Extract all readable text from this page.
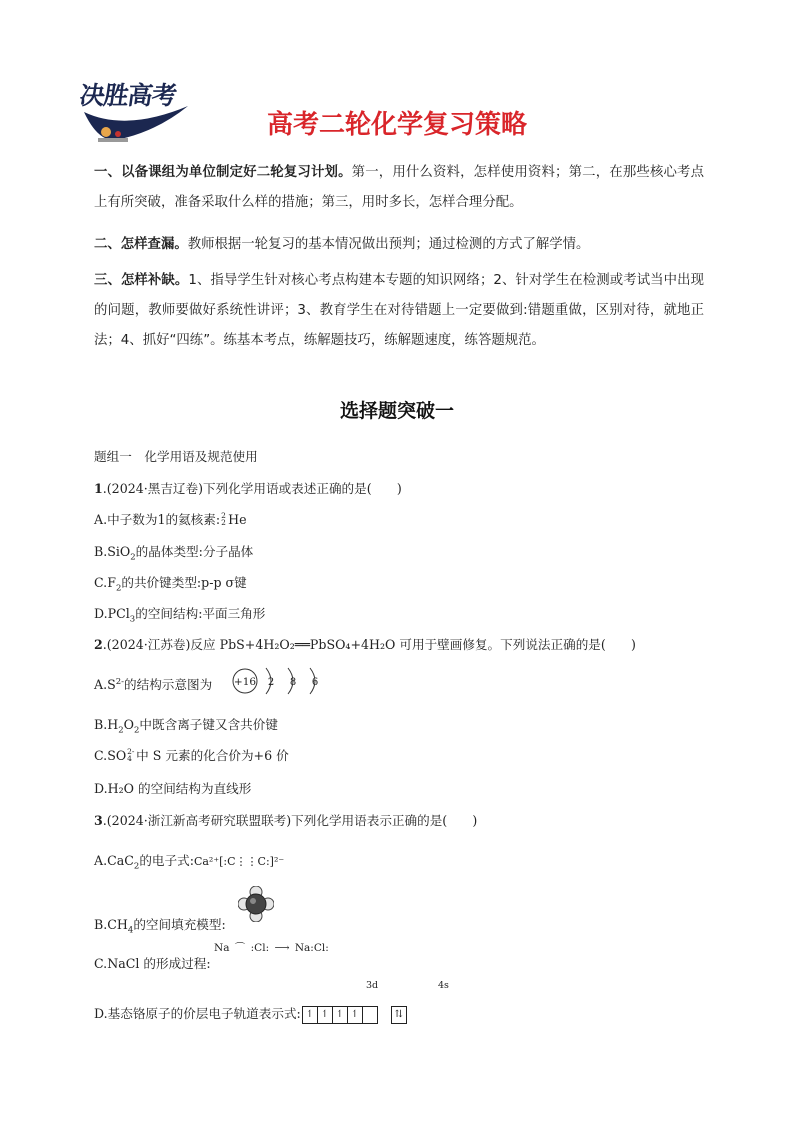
决胜高考
高考二轮化学复习策略
一、以备课组为单位制定好二轮复习计划。第一，用什么资料，怎样使用资料；第二，在那些核心考点上有所突破，准备采取什么样的措施；第三，用时多长，怎样合理分配。
二、怎样查漏。教师根据一轮复习的基本情况做出预判；通过检测的方式了解学情。
三、怎样补缺。1、指导学生针对核心考点构建本专题的知识网络；2、针对学生在检测或考试当中出现的问题，教师要做好系统性讲评；3、教育学生在对待错题上一定要做到:错题重做，区别对待，就地正法；4、抓好“四练”。练基本考点，练解题技巧，练解题速度，练答题规范。
选择题突破一
题组一　化学用语及规范使用
1.(2024·黑吉辽卷)下列化学用语或表述正确的是(　　)
A.中子数为1的氦核素: 2
2 He
B.SiO$_2$的晶体类型:分子晶体
$C.F_2$的共价键类型:p-p σ键
D.PCl$_3$的空间结构:平面三角形
2.(2024·江苏卷)反应 PbS+4H₂O₂══PbSO₄+4H₂O 可用于壁画修复。下列说法正确的是(　　)
$A.S^{2-}$的结构示意图为 +16 2 8 6
$B.H_2O_2$中既含离子键又含共价键
C.SO 2-
4 中 S 元素的化合价为+6 价
D.H₂O 的空间结构为直线形
3.(2024·浙江新高考研究联盟联考)下列化学用语表示正确的是(　　)
A.CaC$_2$的电子式:Ca²⁺[:C⋮⋮C:]²⁻
$B.CH_4$的空间填充模型:
Na ⌒ :Cl: ⟶ Na:Cl:
C.NaCl 的形成过程:
3d	4s
D.基态铬原子的价层电子轨道表示式: ↿ ↿ ↿ ↿	⇅
